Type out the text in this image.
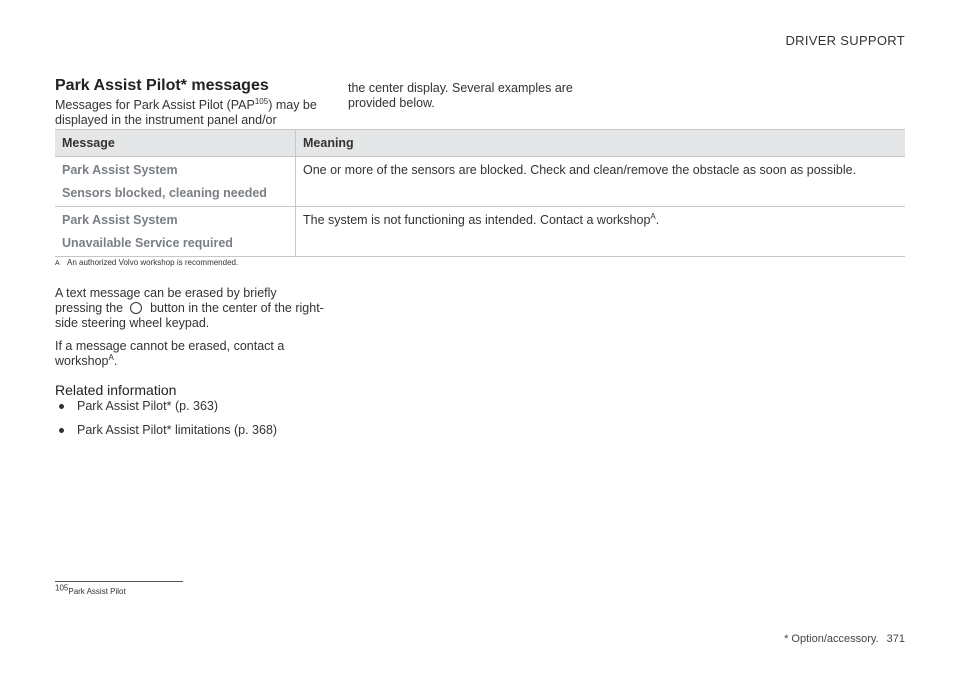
DRIVER SUPPORT
Park Assist Pilot* messages
Messages for Park Assist Pilot (PAP$^{105}$) may be displayed in the instrument panel and/or
the center display. Several examples are provided below.
Message	Meaning
Park Assist System
Sensors blocked, cleaning needed	One or more of the sensors are blocked. Check and clean/remove the obstacle as soon as possible.
Park Assist System
Unavailable Service required	The system is not functioning as intended. Contact a workshop$^A$.
A An authorized Volvo workshop is recommended.
A text message can be erased by briefly pressing the button in the center of the right-side steering wheel keypad.
If a message cannot be erased, contact a workshop$^A$.
Related information
Park Assist Pilot* (p. 363)
Park Assist Pilot* limitations (p. 368)
$^{105}$Park Assist Pilot
* Option/accessory. 371
